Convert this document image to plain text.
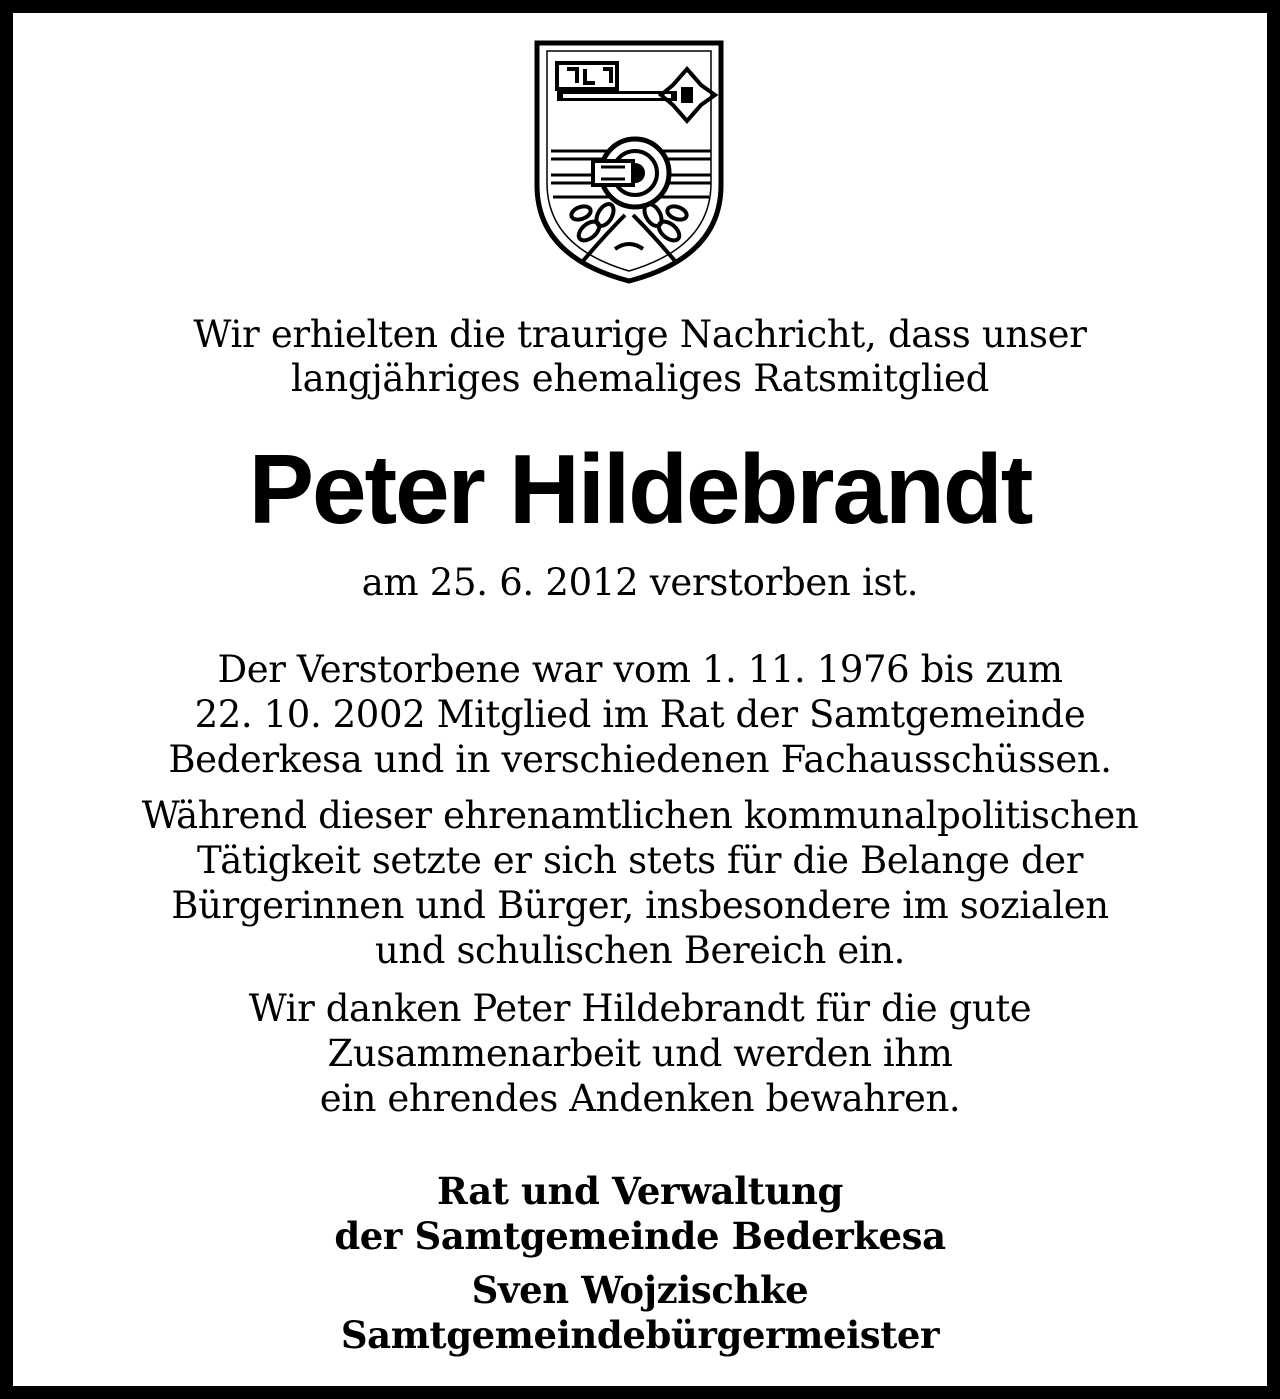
Wir erhielten die traurige Nachricht, dass unser
langjähriges ehemaliges Ratsmitglied
Peter Hildebrandt
am 25. 6. 2012 verstorben ist.
Der Verstorbene war vom 1. 11. 1976 bis zum
22. 10. 2002 Mitglied im Rat der Samtgemeinde
Bederkesa und in verschiedenen Fachausschüssen.
Während dieser ehrenamtlichen kommunalpolitischen
Tätigkeit setzte er sich stets für die Belange der
Bürgerinnen und Bürger, insbesondere im sozialen
und schulischen Bereich ein.
Wir danken Peter Hildebrandt für die gute
Zusammenarbeit und werden ihm
ein ehrendes Andenken bewahren.
Rat und Verwaltung
der Samtgemeinde Bederkesa
Sven Wojzischke
Samtgemeindebürgermeister
